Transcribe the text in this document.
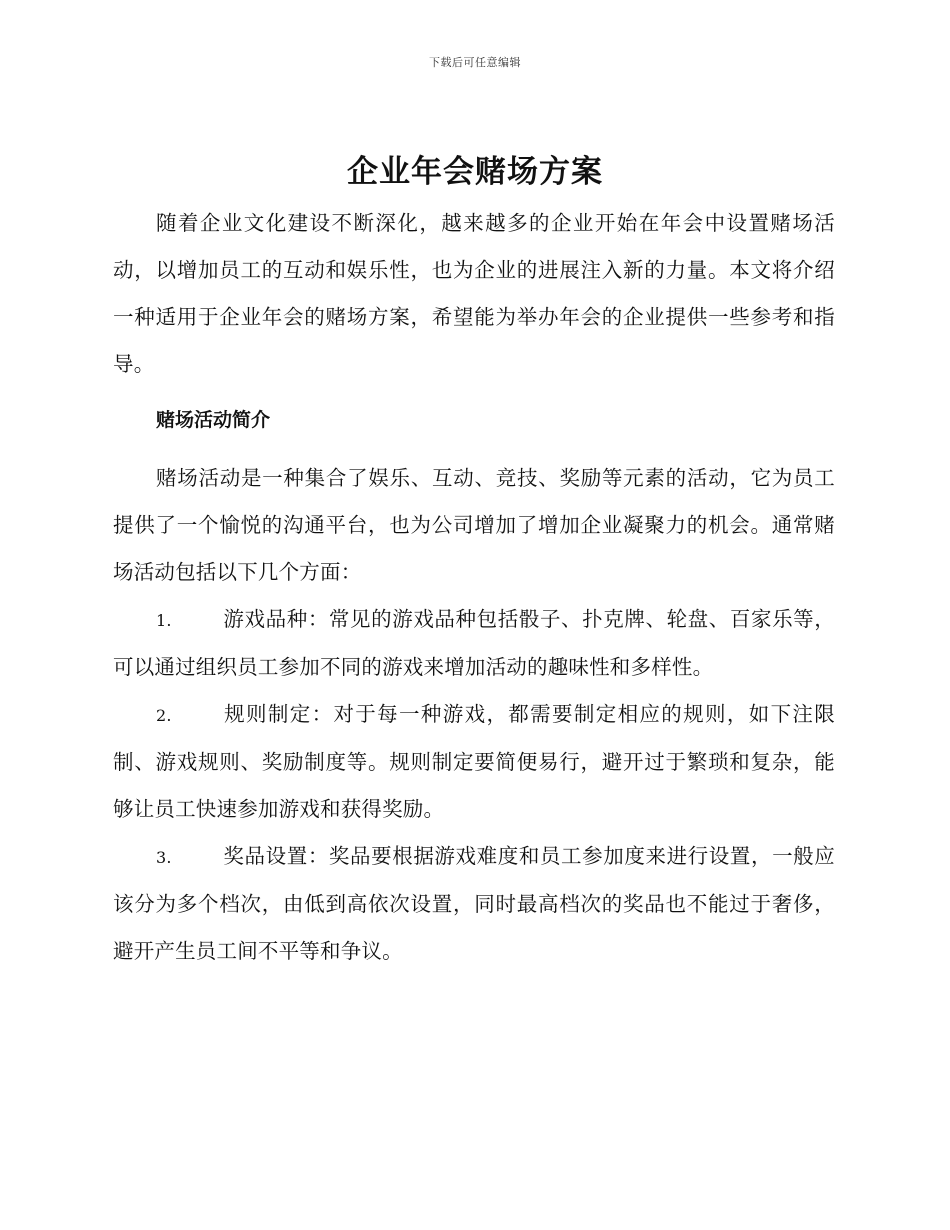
下载后可任意编辑
企业年会赌场方案

随着企业文化建设不断深化，越来越多的企业开始在年会中设置赌场活动，以增加员工的互动和娱乐性，也为企业的进展注入新的力量。本文将介绍一种适用于企业年会的赌场方案，希望能为举办年会的企业提供一些参考和指导。

赌场活动简介

赌场活动是一种集合了娱乐、互动、竞技、奖励等元素的活动，它为员工提供了一个愉悦的沟通平台，也为公司增加了增加企业凝聚力的机会。通常赌场活动包括以下几个方面：

1.	游戏品种：常见的游戏品种包括骰子、扑克牌、轮盘、百家乐等，可以通过组织员工参加不同的游戏来增加活动的趣味性和多样性。

2.	规则制定：对于每一种游戏，都需要制定相应的规则，如下注限制、游戏规则、奖励制度等。规则制定要简便易行，避开过于繁琐和复杂，能够让员工快速参加游戏和获得奖励。

3.	奖品设置：奖品要根据游戏难度和员工参加度来进行设置，一般应该分为多个档次，由低到高依次设置，同时最高档次的奖品也不能过于奢侈，避开产生员工间不平等和争议。
